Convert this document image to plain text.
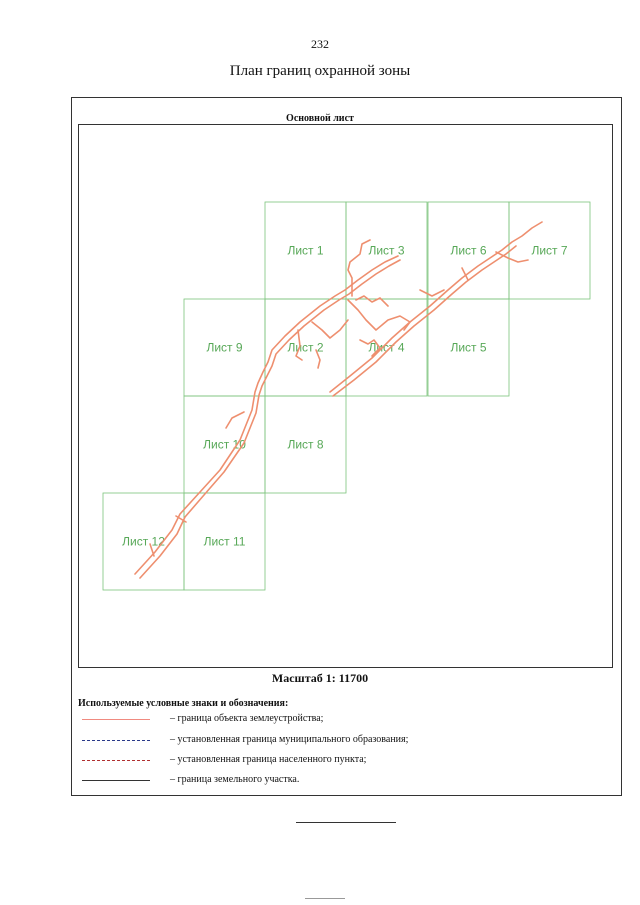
232
План границ охранной зоны
Основной лист
Лист 1	Лист 3	Лист 6	Лист 7
Лист 9	Лист 2	Лист 4	Лист 5
Лист 10	Лист 8
Лист 12	Лист 11
Масштаб 1: 11700
Используемые условные знаки и обозначения:
– граница объекта землеустройства;
– установленная граница муниципального образования;
– установленная граница населенного пункта;
– граница земельного участка.
